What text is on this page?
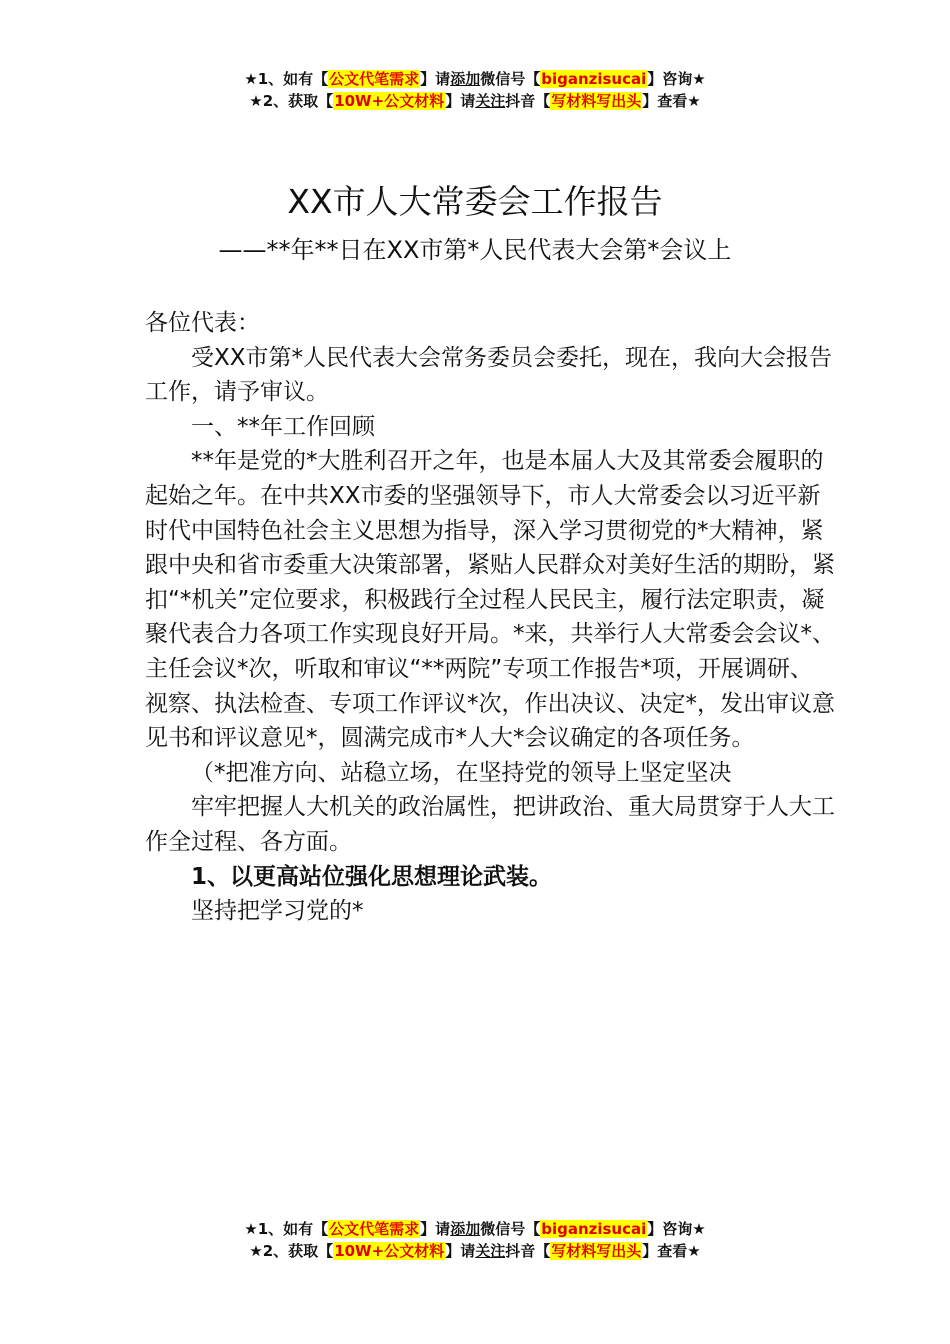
★1、如有【公文代笔需求】请添加微信号【biganzisucai】咨询★
★2、获取【10W+公文材料】请关注抖音【写材料写出头】查看★
XX市人大常委会工作报告
——**年**日在XX市第*人民代表大会第*会议上

各位代表：

受XX市第*人民代表大会常务委员会委托，现在，我向大会报告工作，请予审议。

一、**年工作回顾

**年是党的*大胜利召开之年，也是本届人大及其常委会履职的起始之年。在中共XX市委的坚强领导下，市人大常委会以习近平新时代中国特色社会主义思想为指导，深入学习贯彻党的*大精神，紧跟中央和省市委重大决策部署，紧贴人民群众对美好生活的期盼，紧扣“*机关”定位要求，积极践行全过程人民民主，履行法定职责，凝聚代表合力各项工作实现良好开局。*来，共举行人大常委会会议*、主任会议*次，听取和审议“**两院”专项工作报告*项，开展调研、视察、执法检查、专项工作评议*次，作出决议、决定*，发出审议意见书和评议意见*，圆满完成市*人大*会议确定的各项任务。

（*把准方向、站稳立场，在坚持党的领导上坚定坚决

牢牢把握人大机关的政治属性，把讲政治、重大局贯穿于人大工作全过程、各方面。

1、以更高站位强化思想理论武装。

坚持把学习党的*

★1、如有【公文代笔需求】请添加微信号【biganzisucai】咨询★
★2、获取【10W+公文材料】请关注抖音【写材料写出头】查看★
